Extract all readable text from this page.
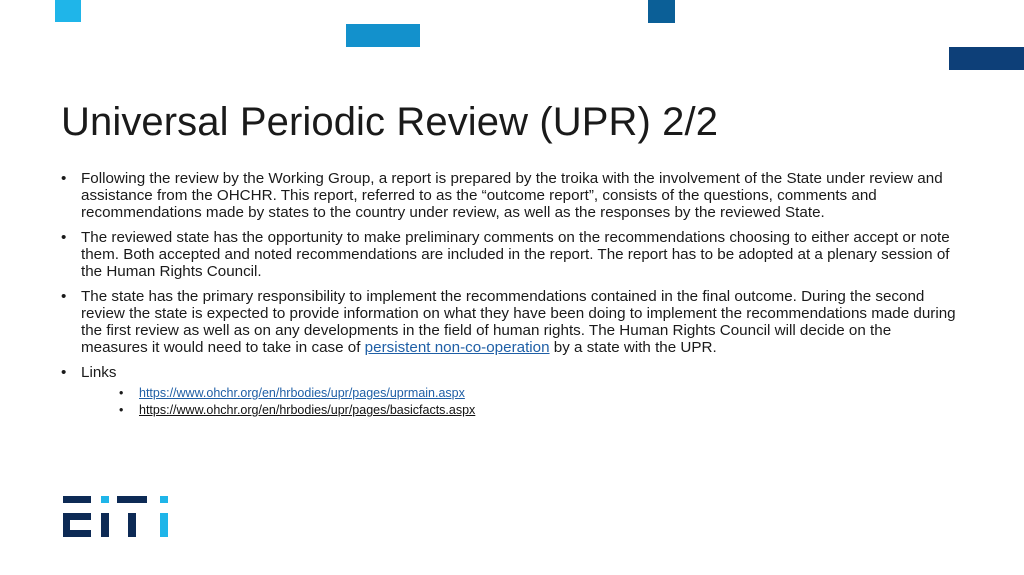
Universal Periodic Review (UPR) 2/2
• Following the review by the Working Group, a report is prepared by the troika with the involvement of the State under review and assistance from the OHCHR. This report, referred to as the “outcome report”, consists of the questions, comments and recommendations made by states to the country under review, as well as the responses by the reviewed State.
• The reviewed state has the opportunity to make preliminary comments on the recommendations choosing to either accept or note them. Both accepted and noted recommendations are included in the report. The report has to be adopted at a plenary session of the Human Rights Council.
• The state has the primary responsibility to implement the recommendations contained in the final outcome. During the second review the state is expected to provide information on what they have been doing to implement the recommendations made during the first review as well as on any developments in the field of human rights. The Human Rights Council will decide on the measures it would need to take in case of persistent non-co-operation by a state with the UPR.
• Links
•	https://www.ohchr.org/en/hrbodies/upr/pages/uprmain.aspx
•	https://www.ohchr.org/en/hrbodies/upr/pages/basicfacts.aspx
